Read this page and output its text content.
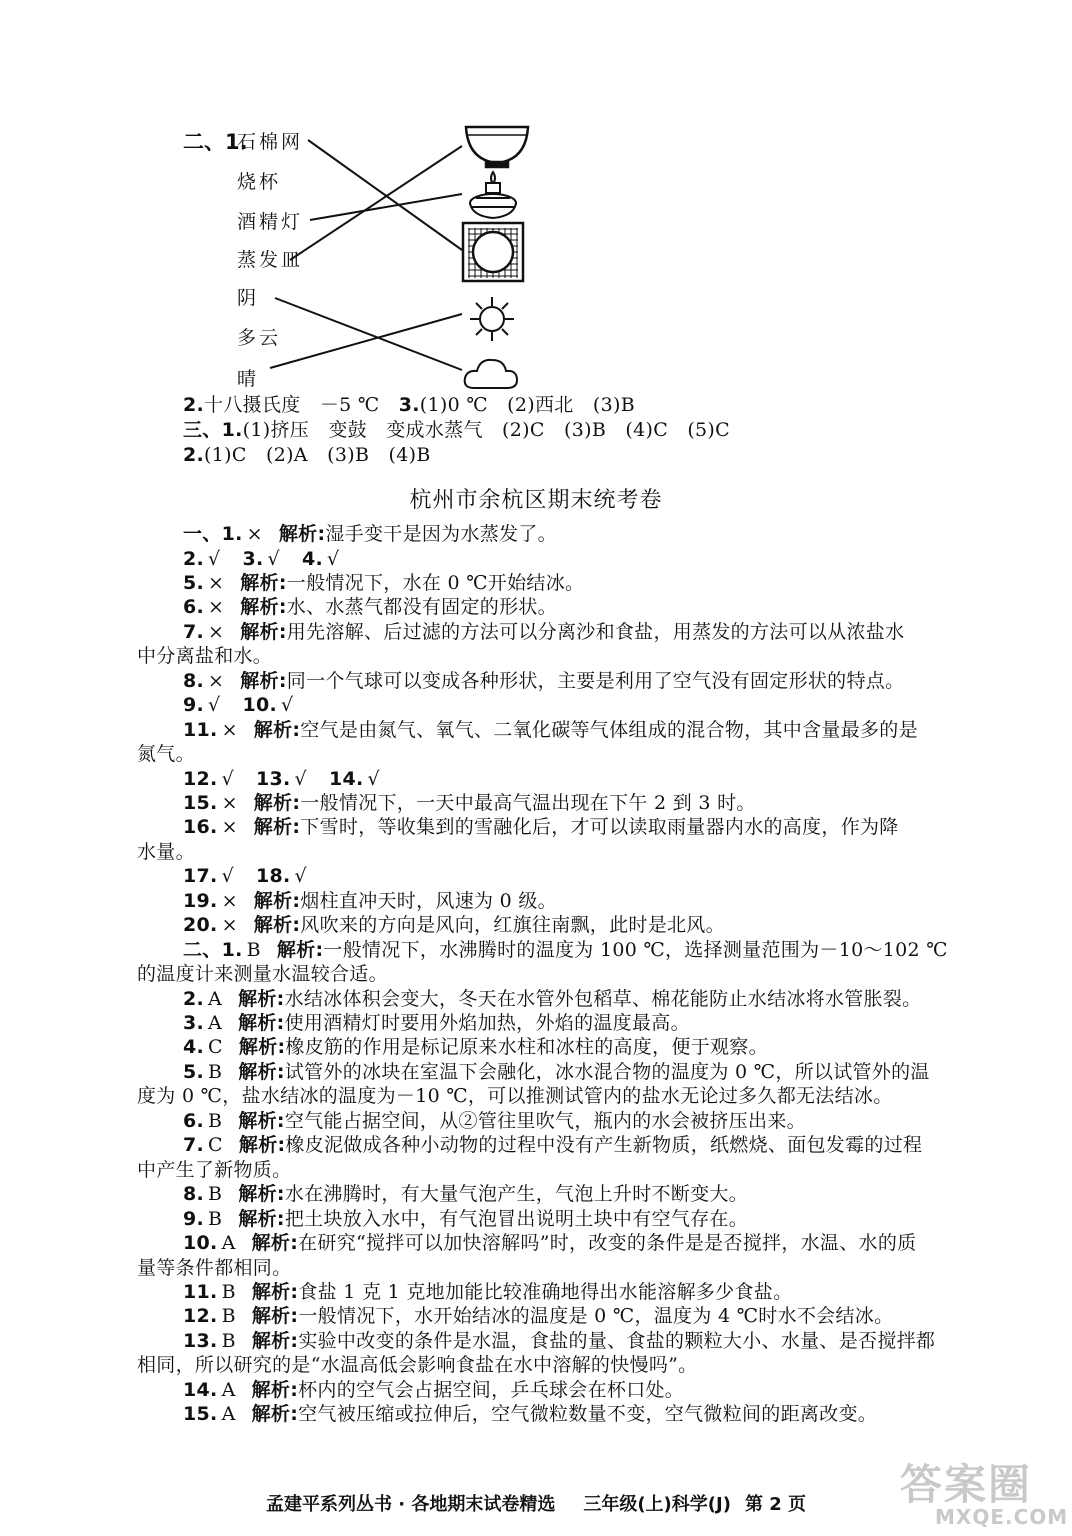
二、1.
石棉网
烧杯
酒精灯
蒸发皿
阴
多云
晴
2.十八摄氏度　－5 ℃　3.(1)0 ℃　(2)西北　(3)B
三、1.(1)挤压　变鼓　变成水蒸气　(2)C　(3)B　(4)C　(5)C
2.(1)C　(2)A　(3)B　(4)B
杭州市余杭区期末统考卷
一、1. × 解析:湿手变干是因为水蒸发了。
2. √ 3. √ 4. √
5. × 解析:一般情况下，水在 0 ℃开始结冰。
6. × 解析:水、水蒸气都没有固定的形状。
7. × 解析:用先溶解、后过滤的方法可以分离沙和食盐，用蒸发的方法可以从浓盐水
中分离盐和水。
8. × 解析:同一个气球可以变成各种形状，主要是利用了空气没有固定形状的特点。
9. √ 10. √
11. × 解析:空气是由氮气、氧气、二氧化碳等气体组成的混合物，其中含量最多的是
氮气。
12. √ 13. √ 14. √
15. × 解析:一般情况下，一天中最高气温出现在下午 2 到 3 时。
16. × 解析:下雪时，等收集到的雪融化后，才可以读取雨量器内水的高度，作为降
水量。
17. √ 18. √
19. × 解析:烟柱直冲天时，风速为 0 级。
20. × 解析:风吹来的方向是风向，红旗往南飘，此时是北风。
二、1. B 解析:一般情况下，水沸腾时的温度为 100 ℃，选择测量范围为－10～102 ℃
的温度计来测量水温较合适。
2. A 解析:水结冰体积会变大，冬天在水管外包稻草、棉花能防止水结冰将水管胀裂。
3. A 解析:使用酒精灯时要用外焰加热，外焰的温度最高。
4. C 解析:橡皮筋的作用是标记原来水柱和冰柱的高度，便于观察。
5. B 解析:试管外的冰块在室温下会融化，冰水混合物的温度为 0 ℃，所以试管外的温
度为 0 ℃，盐水结冰的温度为－10 ℃，可以推测试管内的盐水无论过多久都无法结冰。
6. B 解析:空气能占据空间，从②管往里吹气，瓶内的水会被挤压出来。
7. C 解析:橡皮泥做成各种小动物的过程中没有产生新物质，纸燃烧、面包发霉的过程
中产生了新物质。
8. B 解析:水在沸腾时，有大量气泡产生，气泡上升时不断变大。
9. B 解析:把土块放入水中，有气泡冒出说明土块中有空气存在。
10. A 解析:在研究“搅拌可以加快溶解吗”时，改变的条件是是否搅拌，水温、水的质
量等条件都相同。
11. B 解析:食盐 1 克 1 克地加能比较准确地得出水能溶解多少食盐。
12. B 解析:一般情况下，水开始结冰的温度是 0 ℃，温度为 4 ℃时水不会结冰。
13. B 解析:实验中改变的条件是水温，食盐的量、食盐的颗粒大小、水量、是否搅拌都
相同，所以研究的是“水温高低会影响食盐在水中溶解的快慢吗”。
14. A 解析:杯内的空气会占据空间，乒乓球会在杯口处。
15. A 解析:空气被压缩或拉伸后，空气微粒数量不变，空气微粒间的距离改变。
孟建平系列丛书 · 各地期末试卷精选 三年级(上)科学(J) 第 2 页	答案圈
MXQE.COM
